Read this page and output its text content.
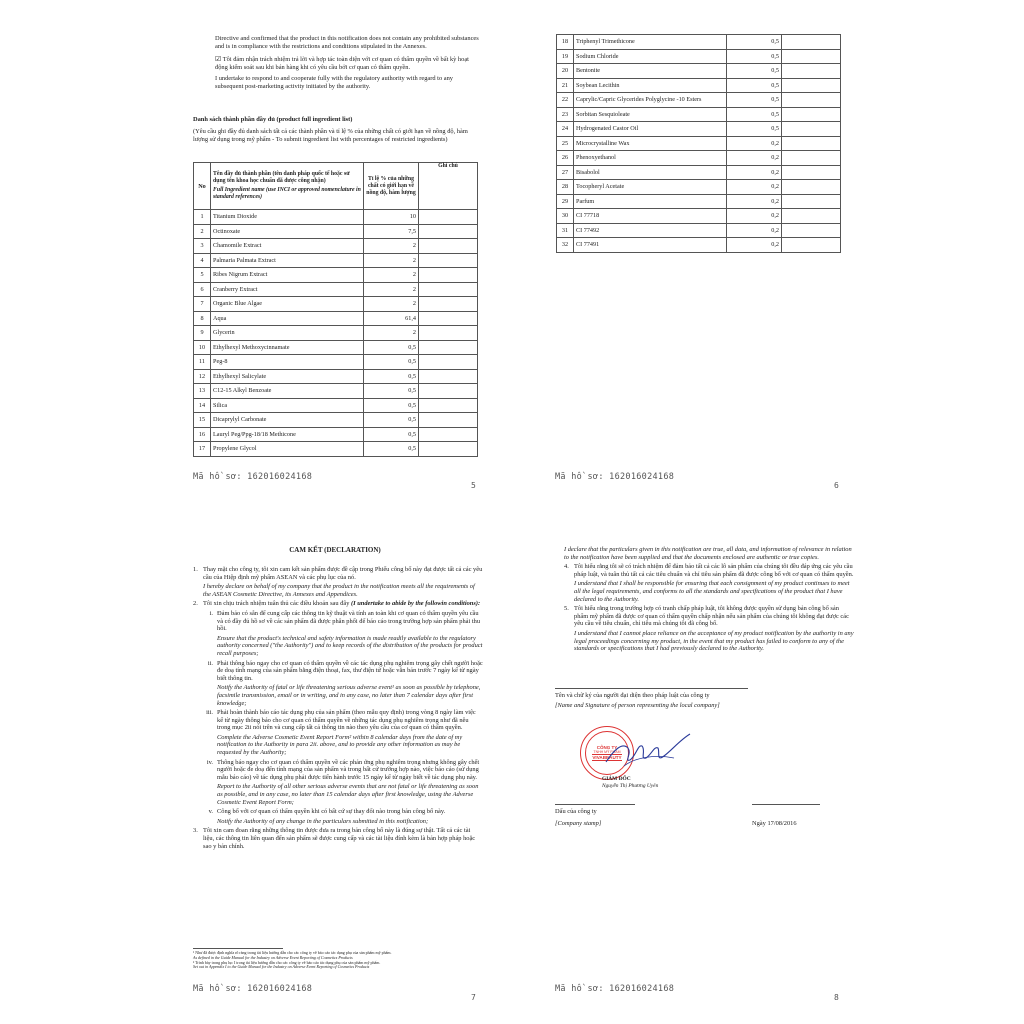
Directive and confirmed that the product in this notification does not contain any prohibited substances and is in compliance with the restrictions and conditions stipulated in the Annexes.

☑ Tôi đảm nhận trách nhiệm trả lời và hợp tác toàn diện với cơ quan có thẩm quyền về bất kỳ hoạt động kiểm soát sau khi bán hàng khi có yêu cầu bởi cơ quan có thẩm quyền.

I undertake to respond to and cooperate fully with the regulatory authority with regard to any subsequent post-marketing activity initiated by the authority.

Danh sách thành phần đầy đủ (product full ingredient list)

(Yêu cầu ghi đầy đủ danh sách tất cả các thành phần và tỉ lệ % của những chất có giới hạn về nồng độ, hàm lượng sử dụng trong mỹ phẩm - To submit ingredient list with percentages of restricted ingredients)

No	Tên đầy đủ thành phần (tên danh pháp quốc tế hoặc sử dụng tên khoa học chuẩn đã được công nhận)
Full Ingredient name (use INCI or approved nomenclature in standard references)	Tỉ lệ % của những chất có giới hạn về nồng độ, hàm lượng	Ghi chú
1	Titanium Dioxide	10	
2	Octinoxate	7,5	
3	Chamomile Extract	2	
4	Palmaria Palmata Extract	2	
5	Ribes Nigrum Extract	2	
6	Cranberry Extract	2	
7	Organic Blue Algae	2	
8	Aqua	61,4	
9	Glycerin	2	
10	Ethylhexyl Methoxycinnamate	0,5	
11	Peg-8	0,5	
12	Ethylhexyl Salicylate	0,5	
13	C12-15 Alkyl Benzoate	0,5	
14	Silica	0,5	
15	Dicaprylyl Carbonate	0,5	
16	Lauryl Peg/Ppg-18/18 Methicone	0,5	
17	Propylene Glycol	0,5	
Mã hồ sơ: 162016024168
5
18	Triphenyl Trimethicone	0,5	
19	Sodium Chloride	0,5	
20	Bentonite	0,5	
21	Soybean Lecithin	0,5	
22	Caprylic/Capric Glycerides Polyglycine -10 Esters	0,5	
23	Sorbitan Sesquioleate	0,5	
24	Hydrogenated Castor Oil	0,5	
25	Microcrystalline Wax	0,2	
26	Phenoxyethanol	0,2	
27	Bisabolol	0,2	
28	Tocopheryl Acetate	0,2	
29	Parfum	0,2	
30	CI 77718	0,2	
31	CI 77492	0,2	
32	CI 77491	0,2	
Mã hồ sơ: 162016024168
6
CAM KẾT (DECLARATION)
1. Thay mặt cho công ty, tôi xin cam kết sản phẩm được đề cập trong Phiếu công bố này đạt được tất cả các yêu cầu của Hiệp định mỹ phẩm ASEAN và các phụ lục của nó.
I hereby declare on behalf of my company that the product in the notification meets all the requirements of the ASEAN Cosmetic Directive, its Annexes and Appendices.
2. Tôi xin chịu trách nhiệm tuân thủ các điều khoản sau đây (I undertake to abide by the followin conditions):
i. Đảm bảo có sẵn để cung cấp các thông tin kỹ thuật và tính an toàn khi cơ quan có thẩm quyền yêu cầu và có đầy đủ hồ sơ về các sản phẩm đã được phân phối để báo cáo trong trường hợp sản phẩm phải thu hồi.
Ensure that the product's technical and safety information is made readily available to the regulatory authority concerned ("the Authority") and to keep records of the distribution of the products for product recall purposes;
ii. Phải thông báo ngay cho cơ quan có thẩm quyền về các tác dụng phụ nghiêm trọng gây chết người hoặc đe doạ tính mạng của sản phẩm bằng điện thoại, fax, thư điện tử hoặc văn bản trước 7 ngày kể từ ngày biết thông tin.
Notify the Authority of fatal or life threatening serious adverse event¹ as soon as possible by telephone, facsimile transmission, email or in writing, and in any case, no later than 7 calendar days after first knowledge;
iii. Phải hoàn thành báo cáo tác dụng phụ của sản phẩm (theo mẫu quy định) trong vòng 8 ngày làm việc kể từ ngày thông báo cho cơ quan có thẩm quyền về những tác dụng phụ nghiêm trọng như đã nêu trong mục 2ii nói trên và cung cấp tất cả thông tin nào theo yêu cầu của cơ quan có thẩm quyền.
Complete the Adverse Cosmetic Event Report Form² within 8 calendar days from the date of my notification to the Authority in para 2ii. above, and to provide any other information as may be requested by the Authority;
iv. Thông báo ngay cho cơ quan có thẩm quyền về các phản ứng phụ nghiêm trọng nhưng không gây chết người hoặc đe doạ đến tính mạng của sản phẩm và trong bất cứ trường hợp nào, việc báo cáo (sử dụng mẫu báo cáo) về tác dụng phụ phải được tiến hành trước 15 ngày kể từ ngày biết về tác dụng phụ này.
Report to the Authority of all other serious adverse events that are not fatal or life threatening as soon as possible, and in any case, no later than 15 calendar days after first knowledge, using the Adverse Cosmetic Event Report Form;
v. Công bố với cơ quan có thẩm quyền khi có bất cứ sự thay đổi nào trong bản công bố này.
Notify the Authority of any change in the particulars submitted in this notification;
3. Tôi xin cam đoan rằng những thông tin được đưa ra trong bản công bố này là đúng sự thật. Tất cả các tài liệu, các thông tin liên quan đến sản phẩm sẽ được cung cấp và các tài liệu đính kèm là bản hợp pháp hoặc sao y bản chính.
¹ Như đã được định nghĩa rõ ràng trong tài liệu hướng dẫn cho các công ty về báo cáo tác dụng phụ của sản phẩm mỹ phẩm.
As defined in the Guide Manual for the Industry on Adverse Event Reporting of Cosmetics Products
² Trình bày trong phụ lục I trong tài liệu hướng dẫn cho các công ty về báo cáo tác dụng phụ của sản phẩm mỹ phẩm.
Set out in Appendix I to the Guide Manual for the Industry on Adverse Event Reporting of Cosmetics Products
Mã hồ sơ: 162016024168
7

I declare that the particulars given in this notification are true, all data, and information of relevance in relation to the notification have been supplied and that the documents enclosed are authentic or true copies.

4. Tôi hiểu rằng tôi sẽ có trách nhiệm để đảm bảo tất cả các lô sản phẩm của chúng tôi đều đáp ứng các yêu cầu pháp luật, và tuân thủ tất cả các tiêu chuẩn và chỉ tiêu sản phẩm đã được công bố với cơ quan có thẩm quyền.
I understand that I shall be responsible for ensuring that each consignment of my product continues to meet all the legal requirements, and conforms to all the standards and specifications of the product that I have declared to the Authority.
5. Tôi hiểu rằng trong trường hợp có tranh chấp pháp luật, tôi không được quyền sử dụng bản công bố sản phẩm mỹ phẩm đã được cơ quan có thẩm quyền chấp nhận nếu sản phẩm của chúng tôi không đạt được các yêu cầu về tiêu chuẩn, chỉ tiêu mà chúng tôi đã công bố.
I understand that I cannot place reliance on the acceptance of my product notification by the authority in any legal proceedings concerning my product, in the event that my product has failed to conform to any of the standards or specifications that I had previously declared to the Authority.

Tên và chữ ký của người đại diện theo pháp luật của công ty

[Name and Signature of person representing the local company]

CÔNG TY
TNHH MỸ PHẨM
VIVABEAUTY
GIÁM ĐỐC
Nguyễn Thị Phương Uyên

Dấu của công ty

[Company stamp]	Ngày 17/08/2016

Mã hồ sơ: 162016024168
8
